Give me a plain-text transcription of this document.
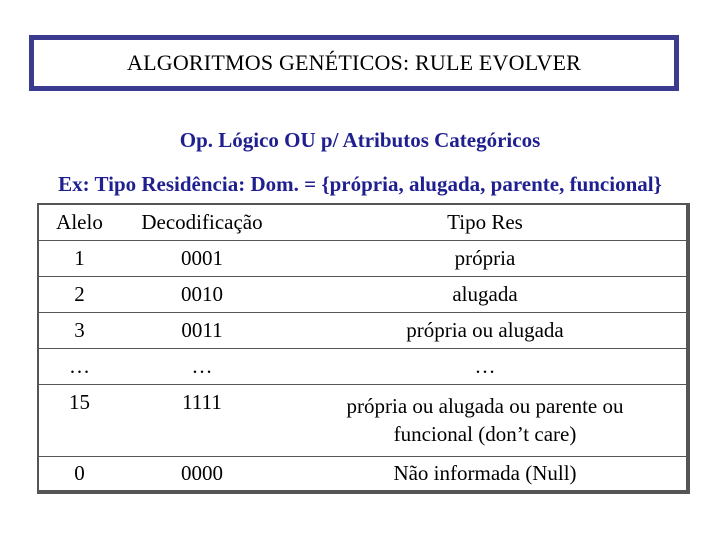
ALGORITMOS GENÉTICOS: RULE EVOLVER
Op. Lógico OU p/ Atributos Categóricos
Ex: Tipo Residência: Dom. = {própria, alugada, parente, funcional}
Alelo	Decodificação	Tipo Res
1	0001	própria
2	0010	alugada
3	0011	própria ou alugada
…	…	…
15	1111	própria ou alugada ou parente ou
funcional (don’t care)

0	0000	Não informada (Null)
